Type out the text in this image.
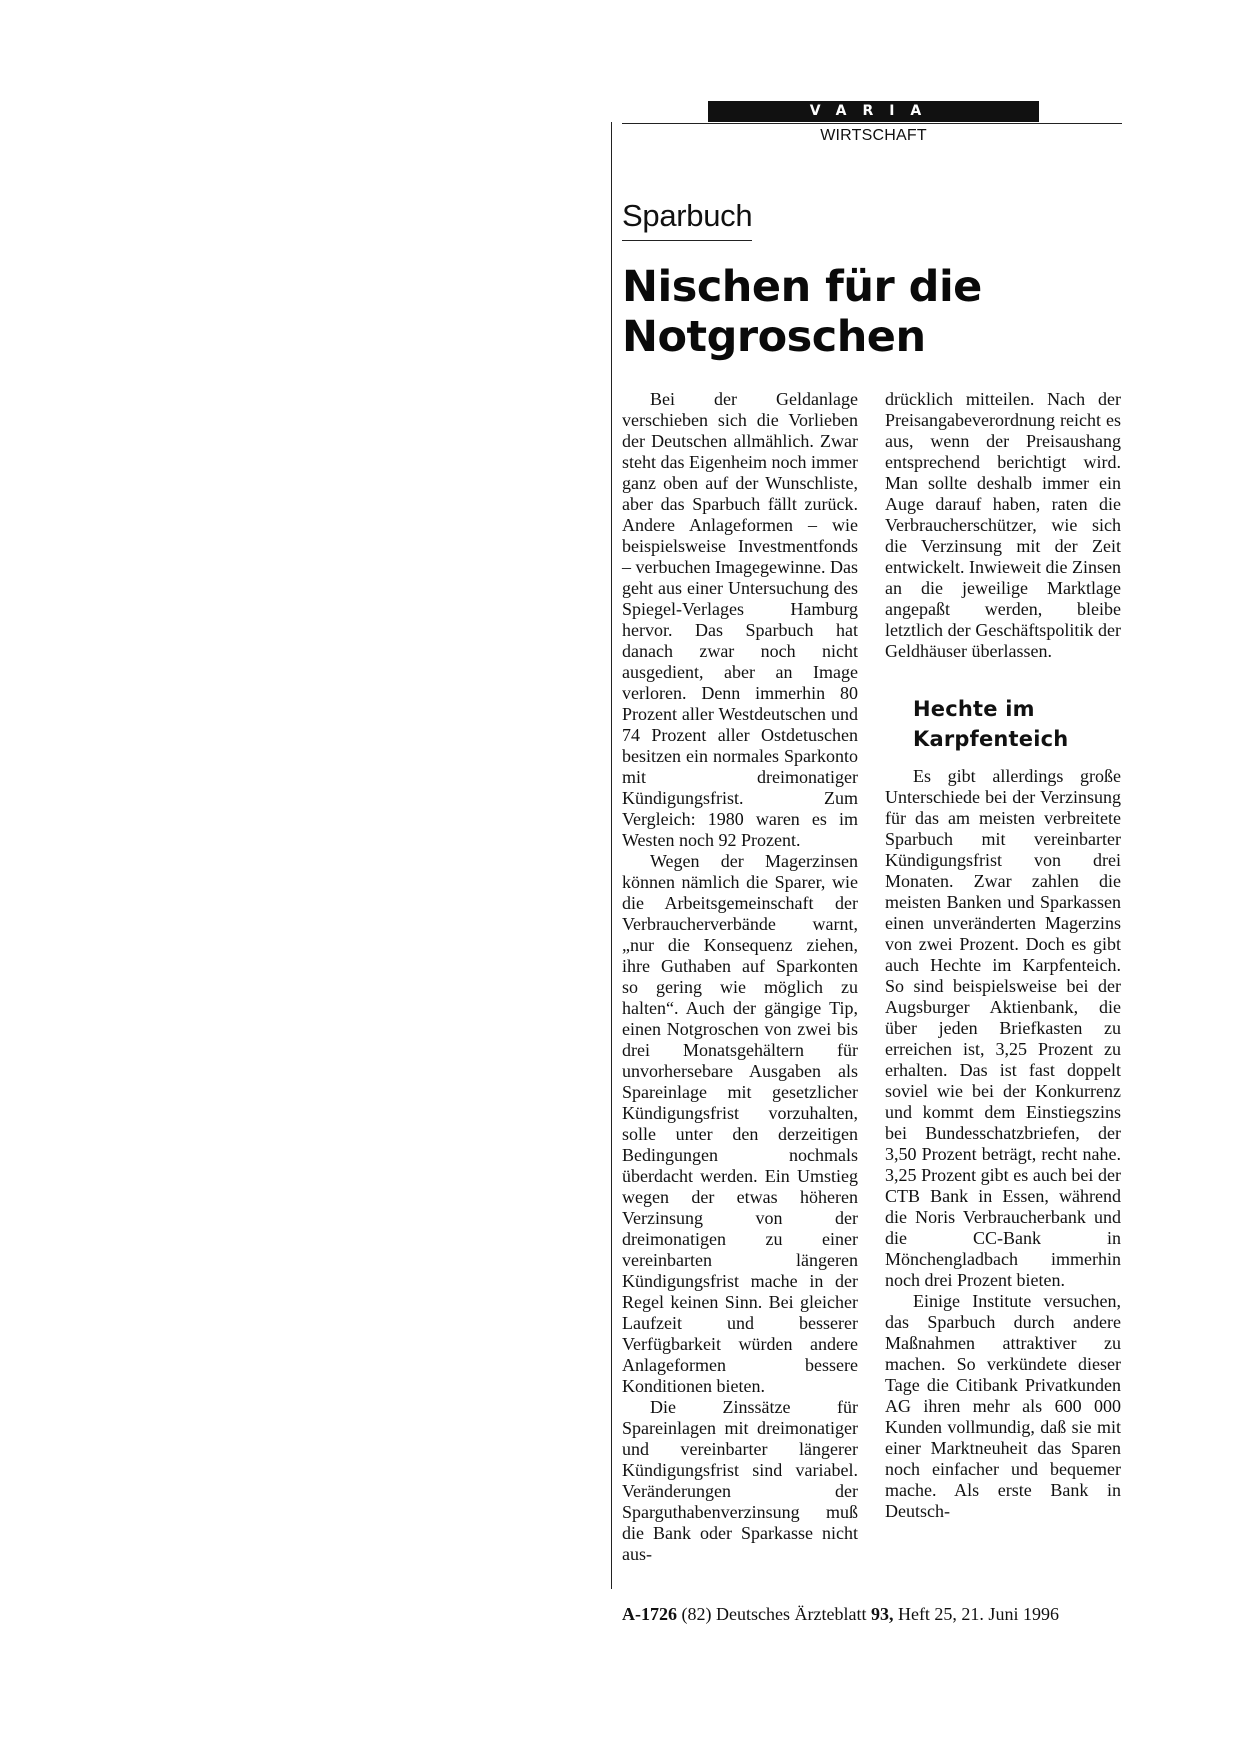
VARIA
WIRTSCHAFT
Sparbuch
Nischen für die Notgroschen

Bei der Geldanlage verschieben sich die Vorlieben der Deutschen allmählich. Zwar steht das Eigenheim noch immer ganz oben auf der Wunschliste, aber das Sparbuch fällt zurück. Andere Anlageformen – wie beispielsweise Investmentfonds – verbuchen Imagegewinne. Das geht aus einer Untersuchung des Spiegel-Verlages Hamburg hervor. Das Sparbuch hat danach zwar noch nicht ausgedient, aber an Image verloren. Denn immerhin 80 Prozent aller Westdeutschen und 74 Prozent aller Ostdetuschen besitzen ein normales Sparkonto mit dreimonatiger Kündigungsfrist. Zum Vergleich: 1980 waren es im Westen noch 92 Prozent.

Wegen der Magerzinsen können nämlich die Sparer, wie die Arbeitsgemeinschaft der Verbraucherverbände warnt, „nur die Konsequenz ziehen, ihre Guthaben auf Sparkonten so gering wie möglich zu halten“. Auch der gängige Tip, einen Notgroschen von zwei bis drei Monatsgehältern für unvorhersebare Ausgaben als Spareinlage mit gesetzlicher Kündigungsfrist vorzuhalten, solle unter den derzeitigen Bedingungen nochmals überdacht werden. Ein Umstieg wegen der etwas höheren Verzinsung von der dreimonatigen zu einer vereinbarten längeren Kündigungsfrist mache in der Regel keinen Sinn. Bei gleicher Laufzeit und besserer Verfügbarkeit würden andere Anlageformen bessere Konditionen bieten.

Die Zinssätze für Spareinlagen mit dreimonatiger und vereinbarter längerer Kündigungsfrist sind variabel. Veränderungen der Sparguthabenverzinsung muß die Bank oder Sparkasse nicht aus-

drücklich mitteilen. Nach der Preisangabeverordnung reicht es aus, wenn der Preisaushang entsprechend berichtigt wird. Man sollte deshalb immer ein Auge darauf haben, raten die Verbraucherschützer, wie sich die Verzinsung mit der Zeit entwickelt. Inwieweit die Zinsen an die jeweilige Marktlage angepaßt werden, bleibe letztlich der Geschäftspolitik der Geldhäuser überlassen.

Hechte im Karpfenteich

Es gibt allerdings große Unterschiede bei der Verzinsung für das am meisten verbreitete Sparbuch mit vereinbarter Kündigungsfrist von drei Monaten. Zwar zahlen die meisten Banken und Sparkassen einen unveränderten Magerzins von zwei Prozent. Doch es gibt auch Hechte im Karpfenteich. So sind beispielsweise bei der Augsburger Aktienbank, die über jeden Briefkasten zu erreichen ist, 3,25 Prozent zu erhalten. Das ist fast doppelt soviel wie bei der Konkurrenz und kommt dem Einstiegszins bei Bundesschatzbriefen, der 3,50 Prozent beträgt, recht nahe. 3,25 Prozent gibt es auch bei der CTB Bank in Essen, während die Noris Verbraucherbank und die CC-Bank in Mönchengladbach immerhin noch drei Prozent bieten.

Einige Institute versuchen, das Sparbuch durch andere Maßnahmen attraktiver zu machen. So verkündete dieser Tage die Citibank Privatkunden AG ihren mehr als 600 000 Kunden vollmundig, daß sie mit einer Marktneuheit das Sparen noch einfacher und bequemer mache. Als erste Bank in Deutsch-

A-1726 (82) Deutsches Ärzteblatt 93, Heft 25, 21. Juni 1996
